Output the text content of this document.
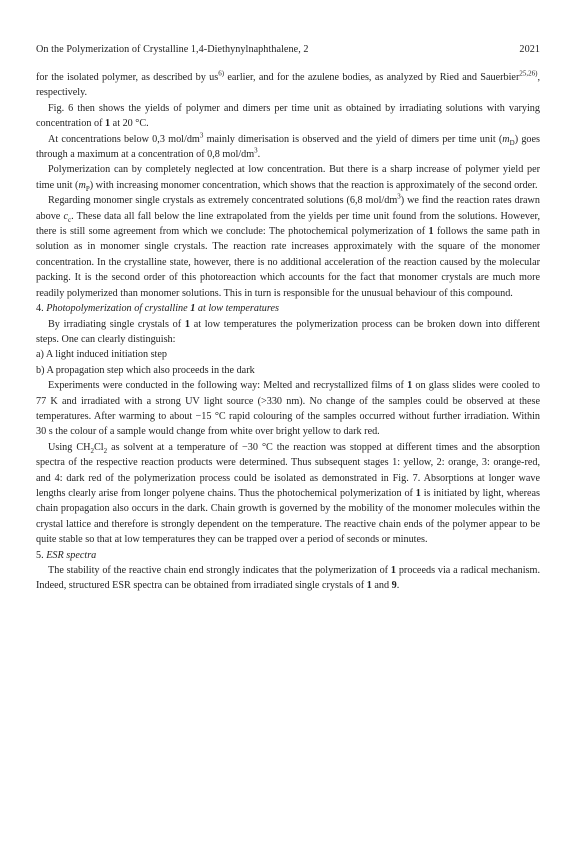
On the Polymerization of Crystalline 1,4-Diethynylnaphthalene, 2	2021

for the isolated polymer, as described by $us^{6)}$ earlier, and for the azulene bodies, as analyzed by Ried and Sauerbier$^{25,26)}$, respectively.

Fig. 6 then shows the yields of polymer and dimers per time unit as obtained by irradiating solutions with varying concentration of 1 at 20 °C.

At concentrations below 0,3 mol/$dm^3$ mainly dimerisation is observed and the yield of dimers per time unit $(m_D)$ goes through a maximum at a concentration of 0,8 mol/$dm^3$.

Polymerization can by completely neglected at low concentration. But there is a sharp increase of polymer yield per time unit $(m_P)$ with increasing monomer concentration, which shows that the reaction is approximately of the second order.

Regarding monomer single crystals as extremely concentrated solutions (6,8 mol/$dm^3$) we find the reaction rates drawn above $c_c$. These data all fall below the line extrapolated from the yields per time unit found from the solutions. However, there is still some agreement from which we conclude: The photochemical polymerization of 1 follows the same path in solution as in monomer single crystals. The reaction rate increases approximately with the square of the monomer concentration. In the crystalline state, however, there is no additional acceleration of the reaction caused by the molecular packing. It is the second order of this photoreaction which accounts for the fact that monomer crystals are much more readily polymerized than monomer solutions. This in turn is responsible for the unusual behaviour of this compound.

4. Photopolymerization of crystalline 1 at low temperatures

By irradiating single crystals of 1 at low temperatures the polymerization process can be broken down into different steps. One can clearly distinguish:

a) A light induced initiation step

b) A propagation step which also proceeds in the dark

Experiments were conducted in the following way: Melted and recrystallized films of 1 on glass slides were cooled to 77 K and irradiated with a strong UV light source (>330 nm). No change of the samples could be observed at these temperatures. After warming to about −15 °C rapid colouring of the samples occurred without further irradiation. Within 30 s the colour of a sample would change from white over bright yellow to dark red.

Using $CH_2Cl_2$ as solvent at a temperature of −30 °C the reaction was stopped at different times and the absorption spectra of the respective reaction products were determined. Thus subsequent stages 1: yellow, 2: orange, 3: orange-red, and 4: dark red of the polymerization process could be isolated as demonstrated in Fig. 7. Absorptions at longer wave lengths clearly arise from longer polyene chains. Thus the photochemical polymerization of 1 is initiated by light, whereas chain propagation also occurs in the dark. Chain growth is governed by the mobility of the monomer molecules within the crystal lattice and therefore is strongly dependent on the temperature. The reactive chain ends of the polymer appear to be quite stable so that at low temperatures they can be trapped over a period of seconds or minutes.

5. ESR spectra

The stability of the reactive chain end strongly indicates that the polymerization of 1 proceeds via a radical mechanism. Indeed, structured ESR spectra can be obtained from irradiated single crystals of 1 and 9.
